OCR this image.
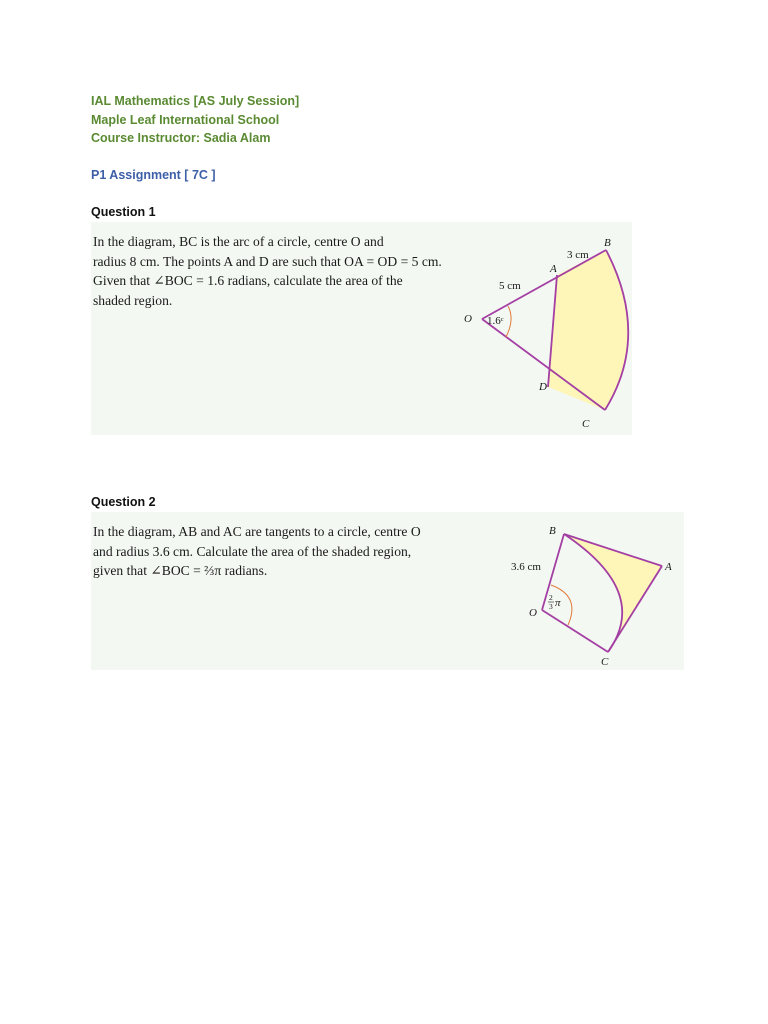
IAL Mathematics [AS July Session]
Maple Leaf International School
Course Instructor: Sadia Alam
P1 Assignment [ 7C ]
Question 1
In the diagram, BC is the arc of a circle, centre O and
radius 8 cm. The points A and D are such that OA = OD = 5 cm.
Given that ∠BOC = 1.6 radians, calculate the area of the
shaded region.
O
A
B
C
D
5 cm
3 cm
1.6ᶜ
Question 2
In the diagram, AB and AC are tangents to a circle, centre O
and radius 3.6 cm. Calculate the area of the shaded region,
given that ∠BOC = ⅔π radians.
B
A
C
O
3.6 cm
2
3 π
